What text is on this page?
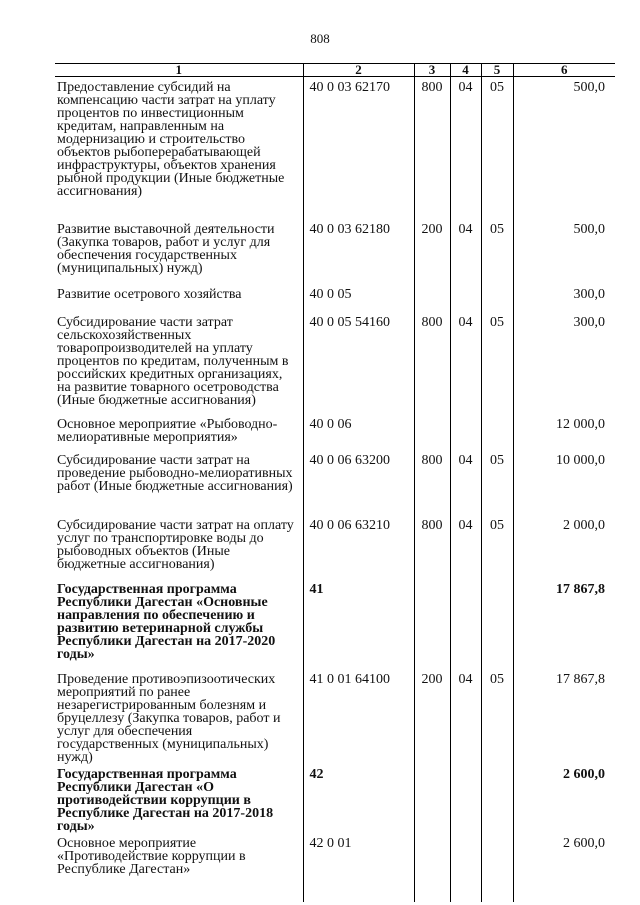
808
1	2	3	4	5	6
Предоставление субсидий на компенсацию части затрат на уплату процентов по инвестиционным кредитам, направленным на модернизацию и строительство объектов рыбоперерабатывающей инфраструктуры, объектов хранения рыбной продукции (Иные бюджетные ассигнования)	40 0 03 62170	800	04	05	500,0
Развитие выставочной деятельности (Закупка товаров, работ и услуг для обеспечения государственных (муниципальных) нужд)	40 0 03 62180	200	04	05	500,0
Развитие осетрового хозяйства	40 0 05				300,0
Субсидирование части затрат сельскохозяйственных товаропроизводителей на уплату процентов по кредитам, полученным в российских кредитных организациях, на развитие товарного осетроводства (Иные бюджетные ассигнования)	40 0 05 54160	800	04	05	300,0
Основное мероприятие «Рыбоводно-мелиоративные мероприятия»	40 0 06				12 000,0
Субсидирование части затрат на проведение рыбоводно-мелиоративных работ (Иные бюджетные ассигнования)	40 0 06 63200	800	04	05	10 000,0
Субсидирование части затрат на оплату услуг по транспортировке воды до рыбоводных объектов (Иные бюджетные ассигнования)	40 0 06 63210	800	04	05	2 000,0
Государственная программа Республики Дагестан «Основные направления по обеспечению и развитию ветеринарной службы Республики Дагестан на 2017-2020 годы»	41				17 867,8
Проведение противоэпизоотических мероприятий по ранее незарегистрированным болезням и бруцеллезу (Закупка товаров, работ и услуг для обеспечения государственных (муниципальных) нужд)	41 0 01 64100	200	04	05	17 867,8
Государственная программа Республики Дагестан «О противодействии коррупции в Республике Дагестан на 2017-2018 годы»	42				2 600,0
Основное мероприятие «Противодействие коррупции в Республике Дагестан»	42 0 01				2 600,0
